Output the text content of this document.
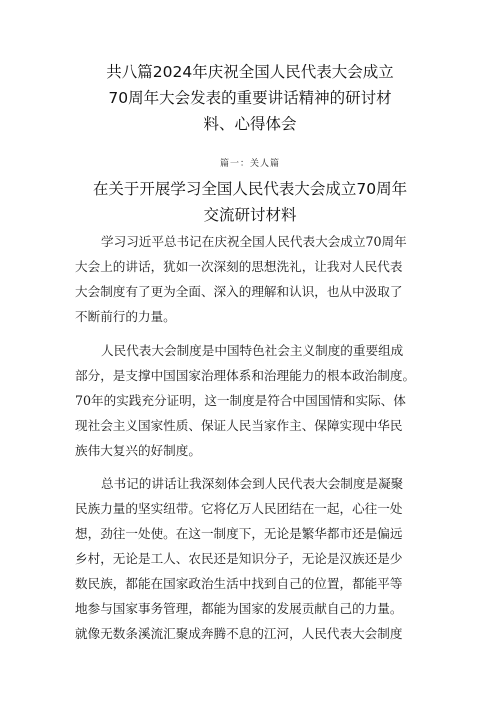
共八篇2024年庆祝全国人民代表大会成立
70周年大会发表的重要讲话精神的研讨材
料、心得体会
篇一：关人篇
在关于开展学习全国人民代表大会成立70周年
交流研讨材料
学习习近平总书记在庆祝全国人民代表大会成立70周年
大会上的讲话，犹如一次深刻的思想洗礼，让我对人民代表
大会制度有了更为全面、深入的理解和认识，也从中汲取了
不断前行的力量。
人民代表大会制度是中国特色社会主义制度的重要组成
部分，是支撑中国国家治理体系和治理能力的根本政治制度。
70年的实践充分证明，这一制度是符合中国国情和实际、体
现社会主义国家性质、保证人民当家作主、保障实现中华民
族伟大复兴的好制度。
总书记的讲话让我深刻体会到人民代表大会制度是凝聚
民族力量的坚实纽带。它将亿万人民团结在一起，心往一处
想，劲往一处使。在这一制度下，无论是繁华都市还是偏远
乡村，无论是工人、农民还是知识分子，无论是汉族还是少
数民族，都能在国家政治生活中找到自己的位置，都能平等
地参与国家事务管理，都能为国家的发展贡献自己的力量。
就像无数条溪流汇聚成奔腾不息的江河，人民代表大会制度
